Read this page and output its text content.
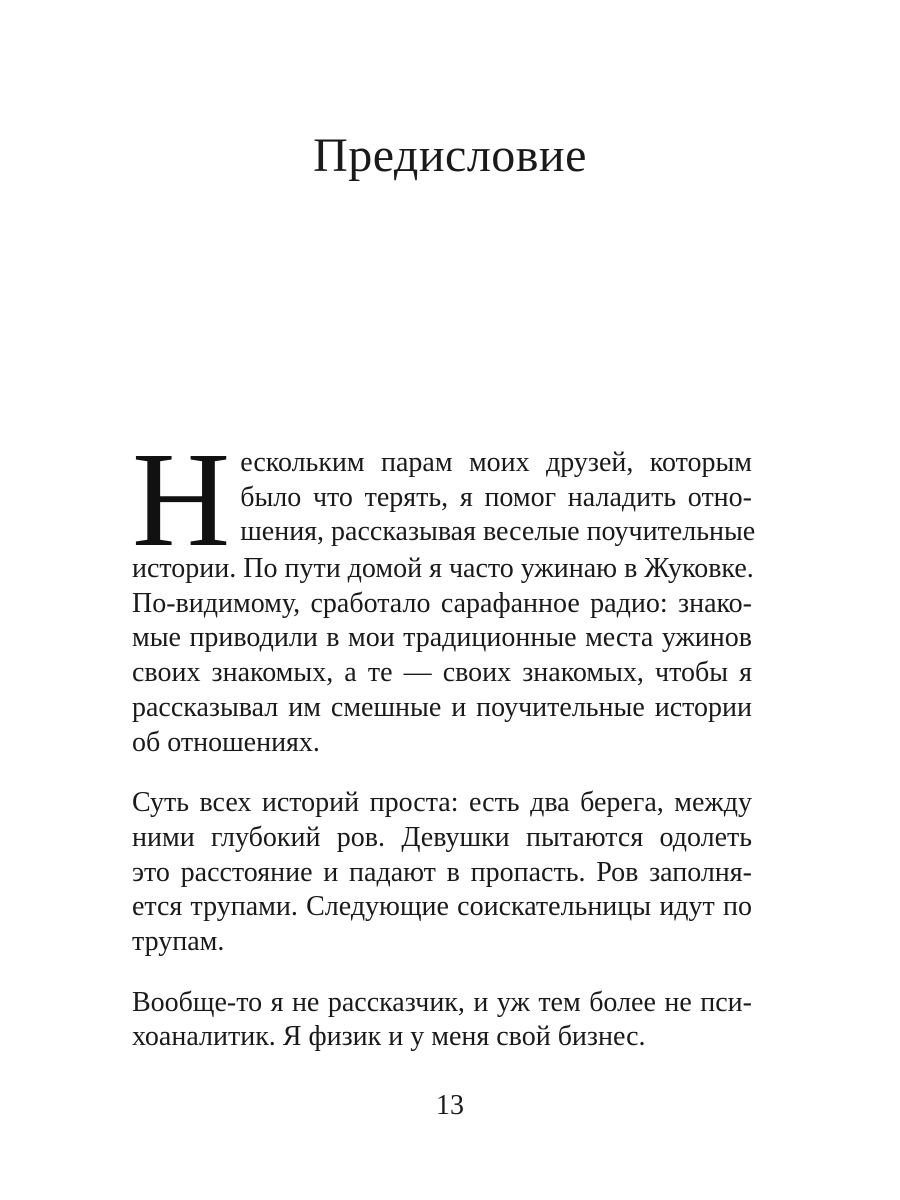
Предисловие

Н ескольким парам моих друзей, которым
было что терять, я помог наладить отно-
шения, рассказывая веселые поучительные
истории. По пути домой я часто ужинаю в Жуковке.
По-видимому, сработало сарафанное радио: знако-
мые приводили в мои традиционные места ужинов
своих знакомых, а те — своих знакомых, чтобы я
рассказывал им смешные и поучительные истории
об отношениях.

Суть всех историй проста: есть два берега, между
ними глубокий ров. Девушки пытаются одолеть
это расстояние и падают в пропасть. Ров заполня-
ется трупами. Следующие соискательницы идут по
трупам.

Вообще-то я не рассказчик, и уж тем более не пси-
хоаналитик. Я физик и у меня свой бизнес.

13
